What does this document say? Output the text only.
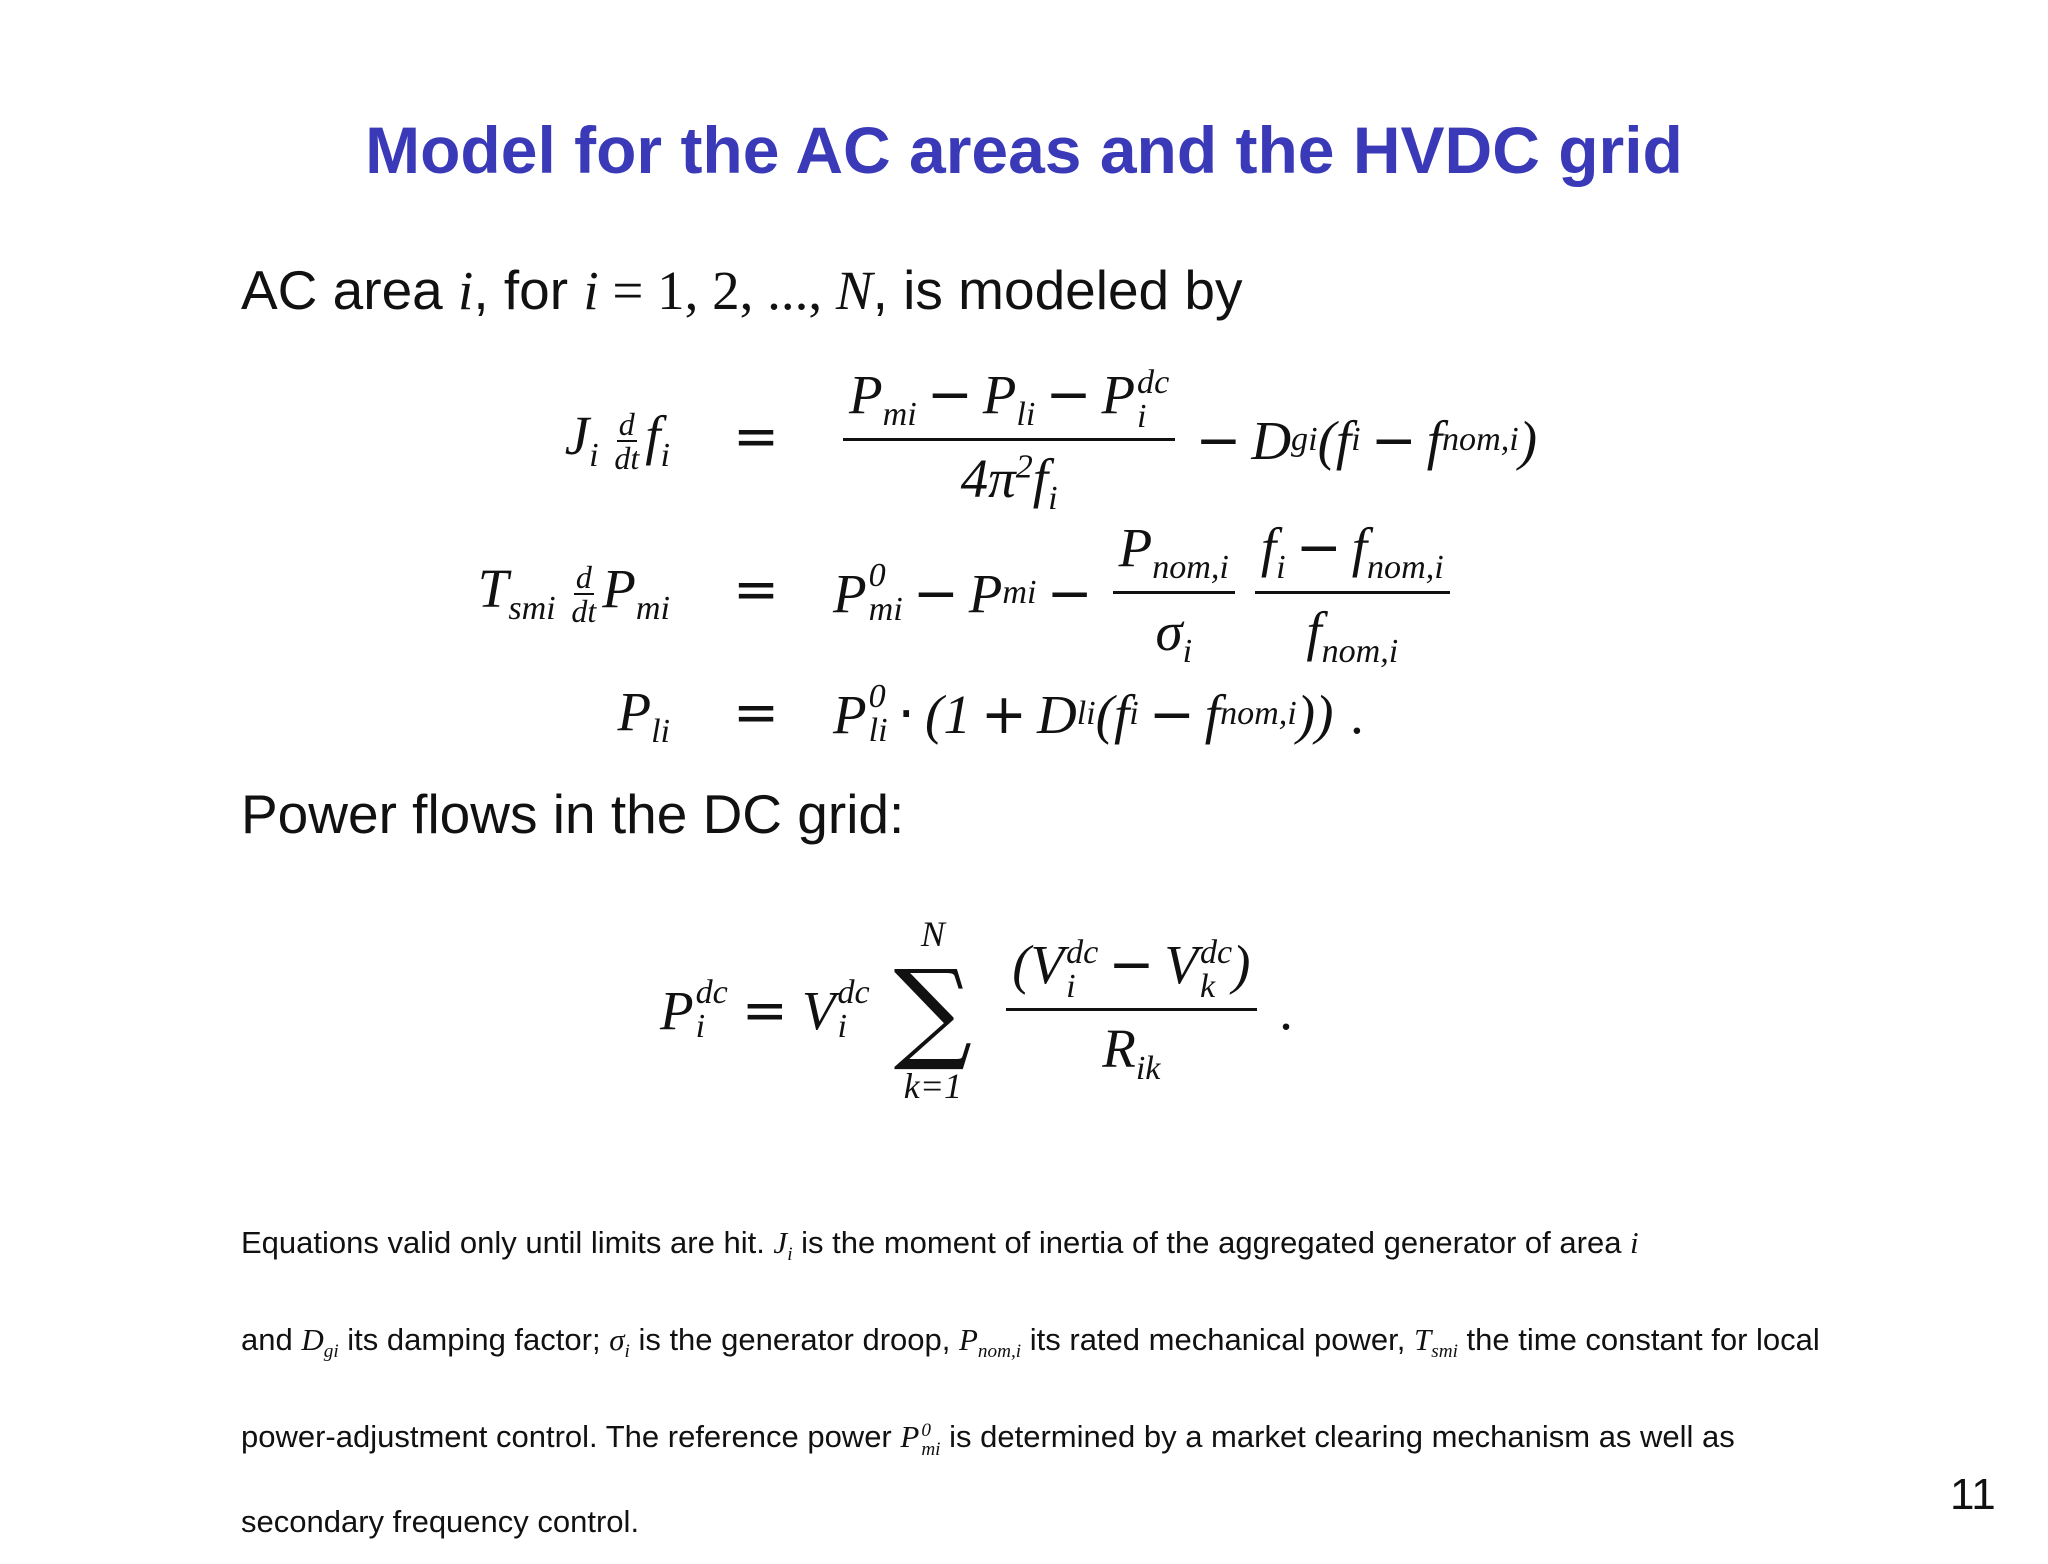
Model for the AC areas and the HVDC grid
AC area i, for i = 1, 2, ..., N, is modeled by
$J_i \frac{d}{dt} f_i = P_{mi} - P_{li} - P$ dc
i
$4\pi^2f_i - D$ gi ( f i − f nom,i )
$T_{smi} \frac{d}{dt} P_{mi} = P$ 0
mi − P mi − $\frac{P_{nom,i}}{\sigma_i} \frac{f_i - f_{nom,i}}{f_{nom,i}}$
$P_{li} = P$ 0
li · (1 + D li ( f i − f nom,i )) .
Power flows in the DC grid:
P dc
i = V dc
i
N
∑
k=1 (V dc
i − V dc
k )
$R_{ik}$ .
Equations valid only until limits are hit. $J_i$ is the moment of inertia of the aggregated generator of area i
and $D_{gi}$ its damping factor; $\sigma_i$ is the generator droop, $P_{nom,i}$ its rated mechanical power, $T_{smi}$ the time constant for local power-adjustment control. The reference power P 0
mi is determined by a market clearing mechanism as well as secondary frequency control.
11
